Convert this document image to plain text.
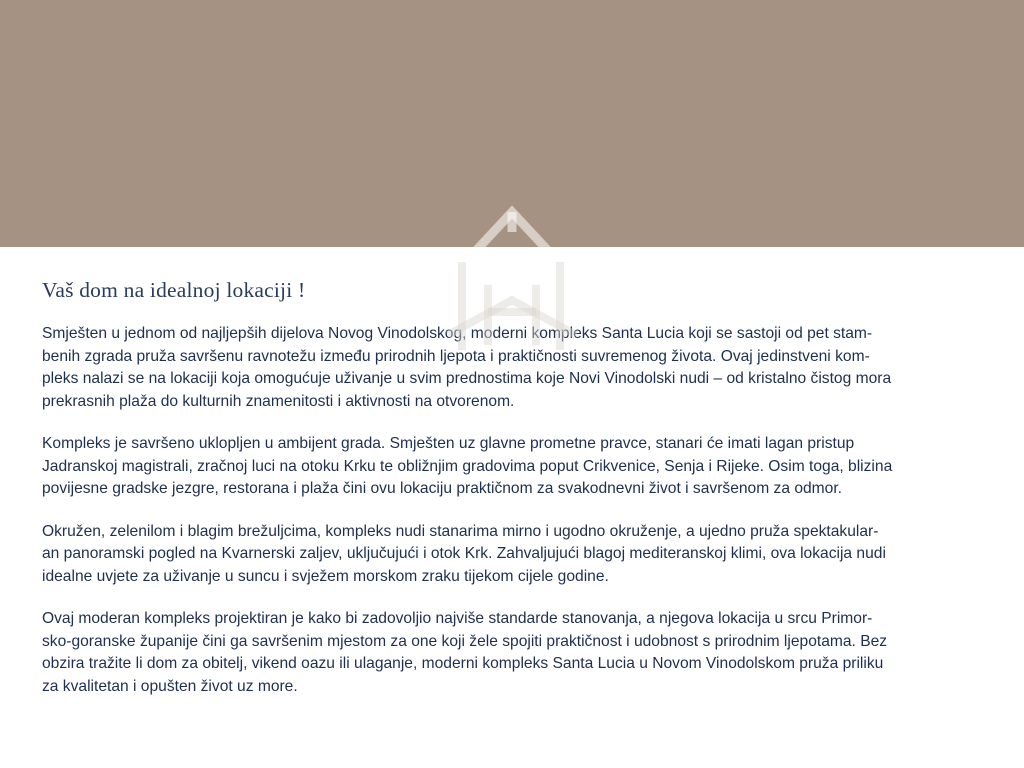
Vaš dom na idealnoj lokaciji !
Smješten u jednom od najljepših dijelova Novog Vinodolskog, moderni kompleks Santa Lucia koji se sastoji od pet stam-
benih zgrada pruža savršenu ravnotežu između prirodnih ljepota i praktičnosti suvremenog života. Ovaj jedinstveni kom-
pleks nalazi se na lokaciji koja omogućuje uživanje u svim prednostima koje Novi Vinodolski nudi – od kristalno čistog mora
prekrasnih plaža do kulturnih znamenitosti i aktivnosti na otvorenom.
Kompleks je savršeno uklopljen u ambijent grada. Smješten uz glavne prometne pravce, stanari će imati lagan pristup
Jadranskoj magistrali, zračnoj luci na otoku Krku te obližnjim gradovima poput Crikvenice, Senja i Rijeke. Osim toga, blizina
povijesne gradske jezgre, restorana i plaža čini ovu lokaciju praktičnom za svakodnevni život i savršenom za odmor.
Okružen, zelenilom i blagim brežuljcima, kompleks nudi stanarima mirno i ugodno okruženje, a ujedno pruža spektakular-
an panoramski pogled na Kvarnerski zaljev, uključujući i otok Krk. Zahvaljujući blagoj mediteranskoj klimi, ova lokacija nudi
idealne uvjete za uživanje u suncu i svježem morskom zraku tijekom cijele godine.
Ovaj moderan kompleks projektiran je kako bi zadovoljio najviše standarde stanovanja, a njegova lokacija u srcu Primor-
sko-goranske županije čini ga savršenim mjestom za one koji žele spojiti praktičnost i udobnost s prirodnim ljepotama. Bez
obzira tražite li dom za obitelj, vikend oazu ili ulaganje, moderni kompleks Santa Lucia u Novom Vinodolskom pruža priliku
za kvalitetan i opušten život uz more.
